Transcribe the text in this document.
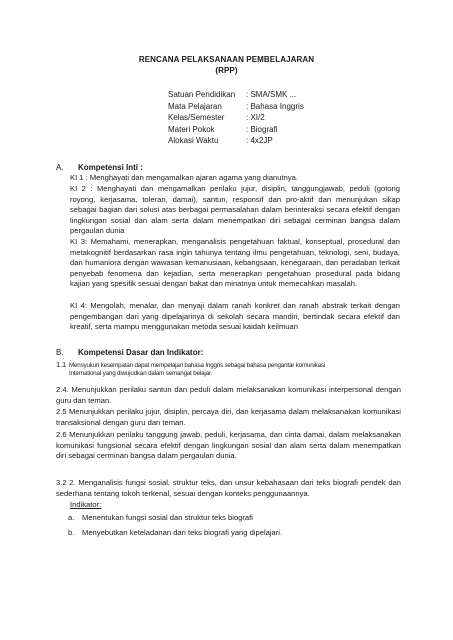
RENCANA PELAKSANAAN PEMBELAJARAN
(RPP)
Satuan Pendidikan	: SMA/SMK ...
Mata Pelajaran	: Bahasa Inggris
Kelas/Semester	: XI/2
Materi Pokok	: Biografi
Alokasi Waktu	: 4x2JP
A. Kompetensi Inti :
KI 1 : Menghayati dan mengamalkan ajaran agama yang dianutnya.
KI 2 : Menghayati dan mengamalkan perilaku jujur, disiplin, tanggungjawab, peduli (gotong royong, kerjasama, toleran, damai), santun, responsif dan pro-aktif dan menunjukan sikap sebagai bagian dari solusi atas berbagai permasalahan dalam berinteraksi secara efektif dengan lingkungan sosial dan alam serta dalam menempatkan diri sebagai cerminan bangsa dalam pergaulan dunia
KI 3: Memahami, menerapkan, menganalisis pengetahuan faktual, konseptual, prosedural dan metakognitif berdasarkan rasa ingin tahunya tentang ilmu pengetahuan, teknologi, seni, budaya, dan humaniora dengan wawasan kemanusiaan, kebangsaan, kenegaraan, dan peradaban terkait penyebab fenomena dan kejadian, serta menerapkan pengetahuan prosedural pada bidang kajian yang spesifik sesuai dengan bakat dan minatnya untuk memecahkan masalah.
KI 4: Mengolah, menalar, dan menyaji dalam ranah konkret dan ranah abstrak terkait dengan pengembangan dari yang dipelajarinya di sekolah secara mandiri, bertindak secara efektif dan kreatif, serta mampu menggunakan metoda sesuai kaidah keilmuan
B. Kompetensi Dasar dan Indikator:
1.1 Mensyukuri kesempatan dapat mempelajari bahasa Inggris sebagai bahasa pengantar komunikasi
International yang diwujudkan dalam semangat belajar.
2.4. Menunjukkan perilaku santun dan peduli dalam melaksanakan komunikasi interpersonal dengan guru dan teman.
2.5 Menunjukkan perilaku jujur, disiplin, percaya diri, dan kerjasama dalam melaksanakan komunikasi transaksional dengan guru dan teman.
2.6 Menunjukkan perilaku tanggung jawab, peduli, kerjasama, dan cinta damai, dalam melaksanakan komunikasi fungsional secara efektif dengan lingkungan sosial dan alam serta dalam menempatkan diri sebagai cerminan bangsa dalam pergaulan dunia.
3.2 2. Menganalisis fungsi sosial, struktur teks, dan unsur kebahasaan dari teks biografi pendek dan sederhana tentang tokoh terkenal, sesuai dengan konteks penggunaannya.
Indikator:
a. Menentukan fungsi sosial dan struktur teks biografi
b. Menyebutkan keteladanan dari teks biografi yang dipelajari.
